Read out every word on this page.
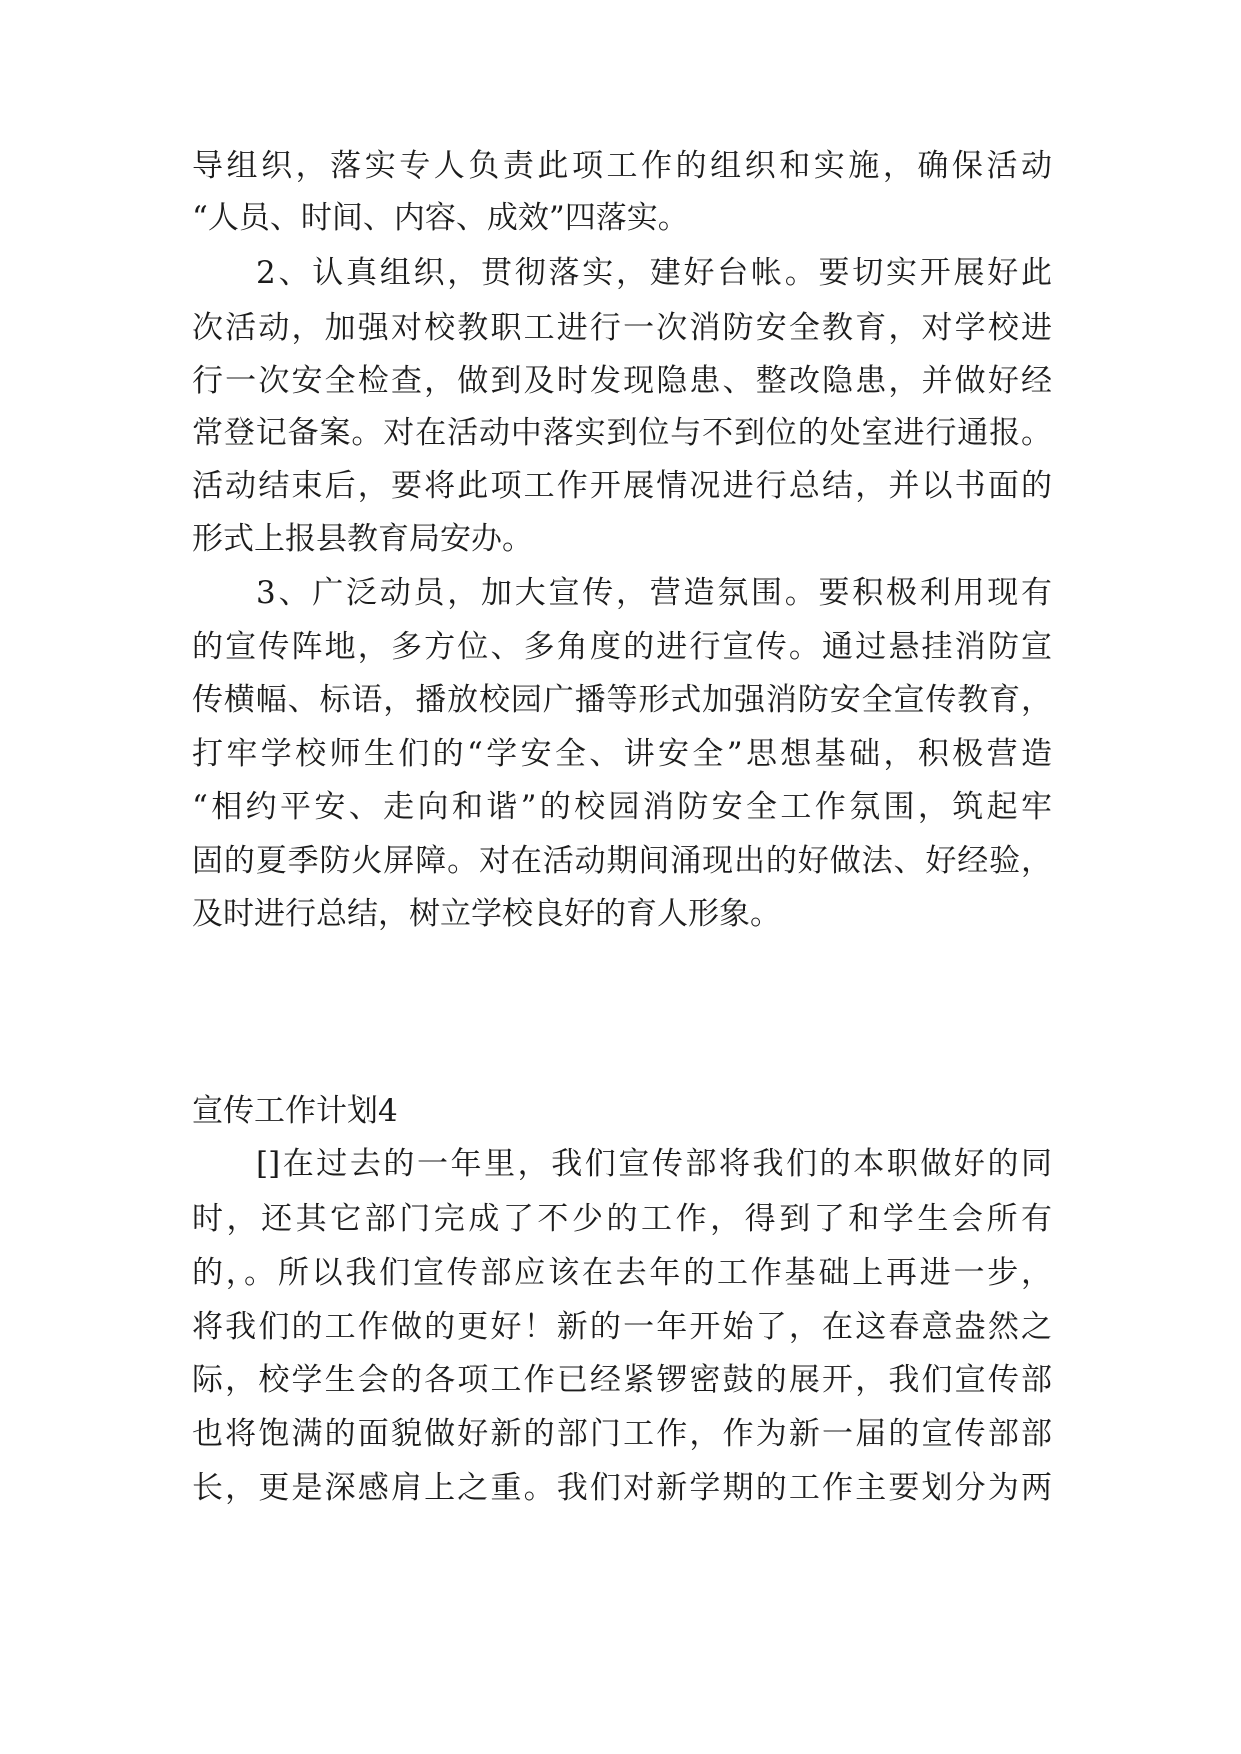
导组织，落实专人负责此项工作的组织和实施，确保活动
“人员、时间、内容、成效”四落实。
2、认真组织，贯彻落实，建好台帐。要切实开展好此
次活动，加强对校教职工进行一次消防安全教育，对学校进
行一次安全检查，做到及时发现隐患、整改隐患，并做好经
常登记备案。对在活动中落实到位与不到位的处室进行通报。
活动结束后，要将此项工作开展情况进行总结，并以书面的
形式上报县教育局安办。
3、广泛动员，加大宣传，营造氛围。要积极利用现有
的宣传阵地，多方位、多角度的进行宣传。通过悬挂消防宣
传横幅、标语，播放校园广播等形式加强消防安全宣传教育，
打牢学校师生们的“学安全、讲安全”思想基础，积极营造
“相约平安、走向和谐”的校园消防安全工作氛围，筑起牢
固的夏季防火屏障。对在活动期间涌现出的好做法、好经验，
及时进行总结，树立学校良好的育人形象。
宣传工作计划4
[]在过去的一年里，我们宣传部将我们的本职做好的同
时，还其它部门完成了不少的工作，得到了和学生会所有
的，。所以我们宣传部应该在去年的工作基础上再进一步，
将我们的工作做的更好！新的一年开始了，在这春意盎然之
际，校学生会的各项工作已经紧锣密鼓的展开，我们宣传部
也将饱满的面貌做好新的部门工作，作为新一届的宣传部部
长，更是深感肩上之重。我们对新学期的工作主要划分为两
